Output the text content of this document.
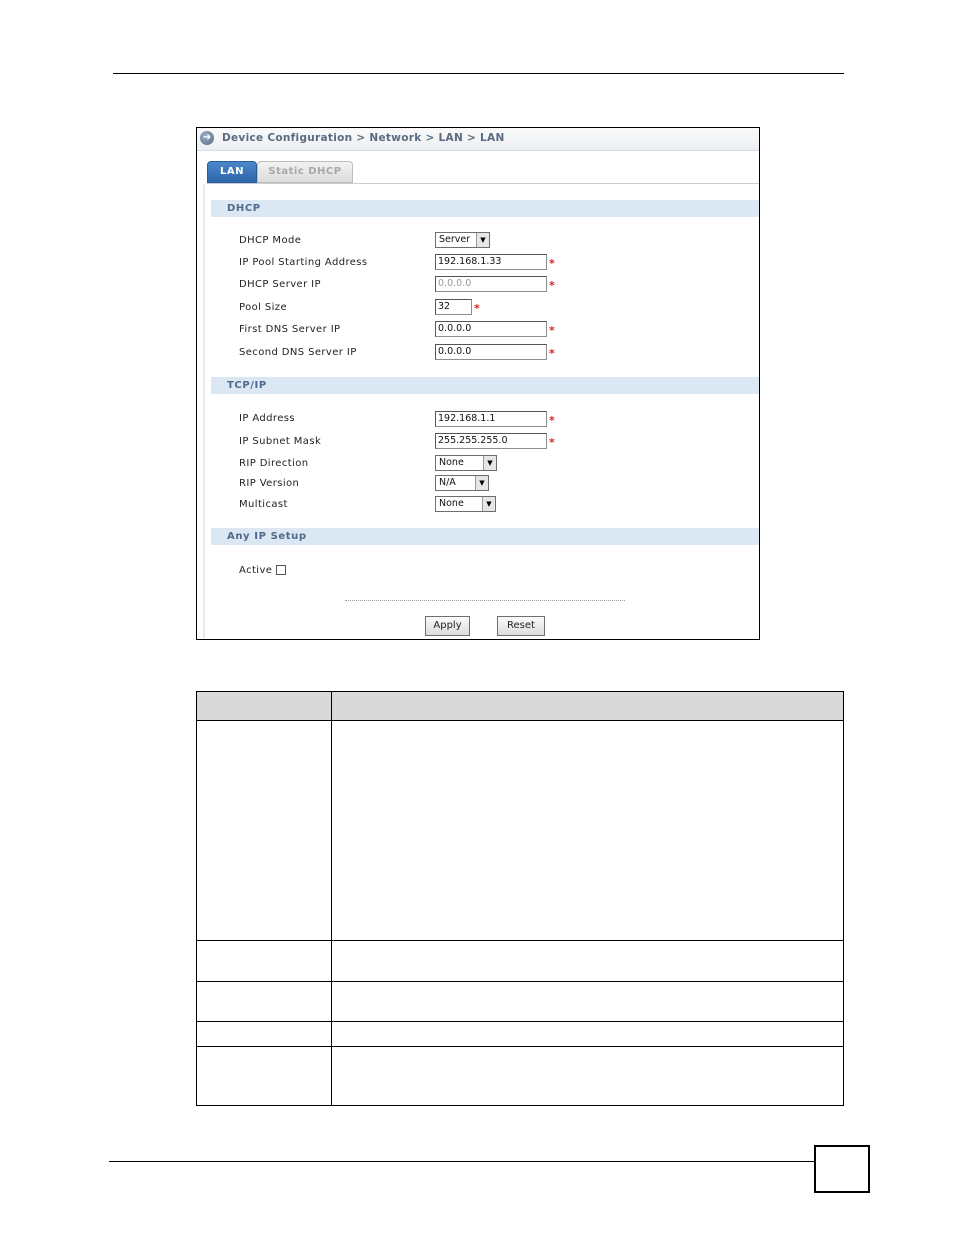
➜ Device Configuration > Network > LAN > LAN
LAN	Static DHCP
DHCP
DHCP Mode	Server	▼
IP Pool Starting Address	192.168.1.33	*
DHCP Server IP	0.0.0.0	*
Pool Size	32	*
First DNS Server IP	0.0.0.0	*
Second DNS Server IP	0.0.0.0	*
TCP/IP
IP Address	192.168.1.1	*
IP Subnet Mask	255.255.255.0	*
RIP Direction	None	▼
RIP Version	N/A	▼
Multicast	None	▼
Any IP Setup
Active
Apply	Reset
